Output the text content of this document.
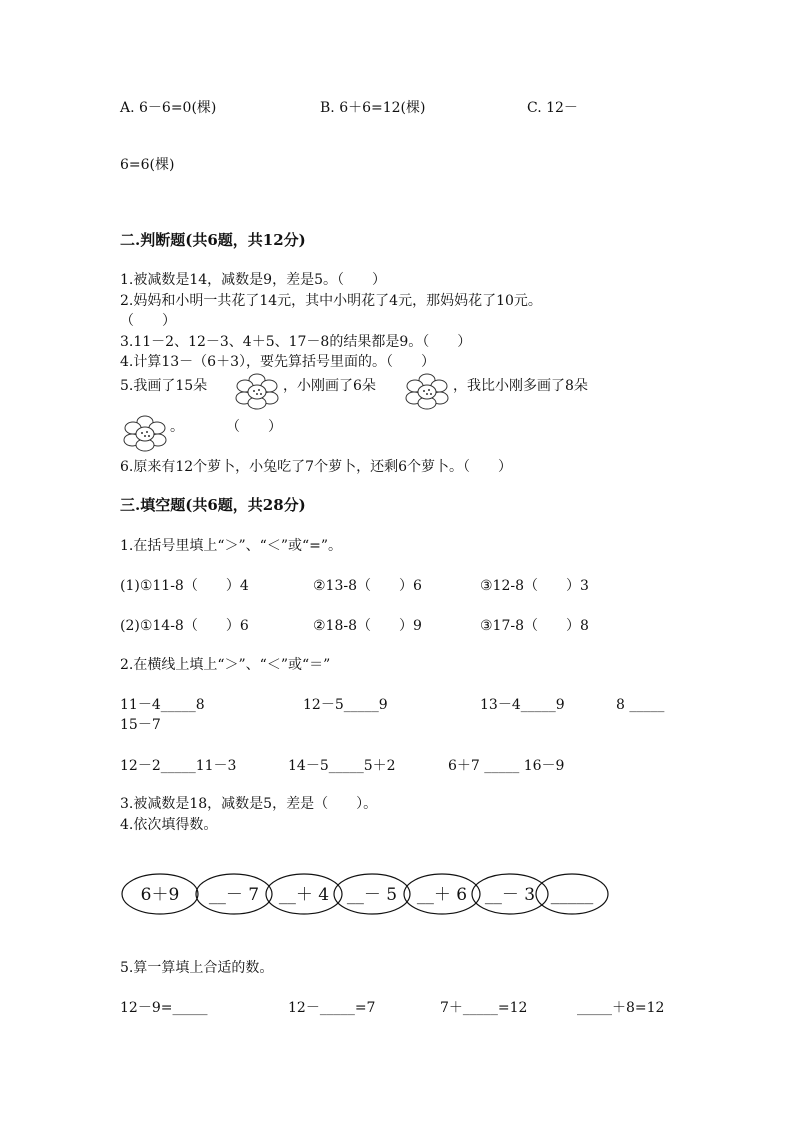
A. 6－6=0(棵)	B. 6＋6=12(棵)	C. 12－
6=6(棵)
二.判断题(共6题，共12分)
1.被减数是14，减数是9，差是5。（　　）
2.妈妈和小明一共花了14元，其中小明花了4元，那妈妈花了10元。
（　　）
3.11－2、12－3、4＋5、17－8的结果都是9。（　　）
4.计算13－（6＋3），要先算括号里面的。（　　）
5.我画了15朵	，小刚画了6朵	，我比小刚多画了8朵
。　　　　（　　）
6.原来有12个萝卜，小兔吃了7个萝卜，还剩6个萝卜。（　　）
三.填空题(共6题，共28分)
1.在括号里填上“＞”、“＜”或“=”。
(1)①11-8（　　）4	②13-8（　　）6	③12-8（　　）3
(2)①14-8（　　）6	②18-8（　　）9	③17-8（　　）8
2.在横线上填上“＞”、“＜”或“＝”
11－4_____8	12－5_____9	13－4_____9	8 _____
15－7
12－2_____11－3	14－5_____5＋2	6＋7 _____ 16－9
3.被减数是18，减数是5，差是（　　）。
4.依次填得数。
6＋9 __－ 7 __＋ 4 __－ 5 __＋ 6 __－ 3 _____
5.算一算填上合适的数。
12－9=_____	12－_____=7	7＋_____=12	_____＋8=12
